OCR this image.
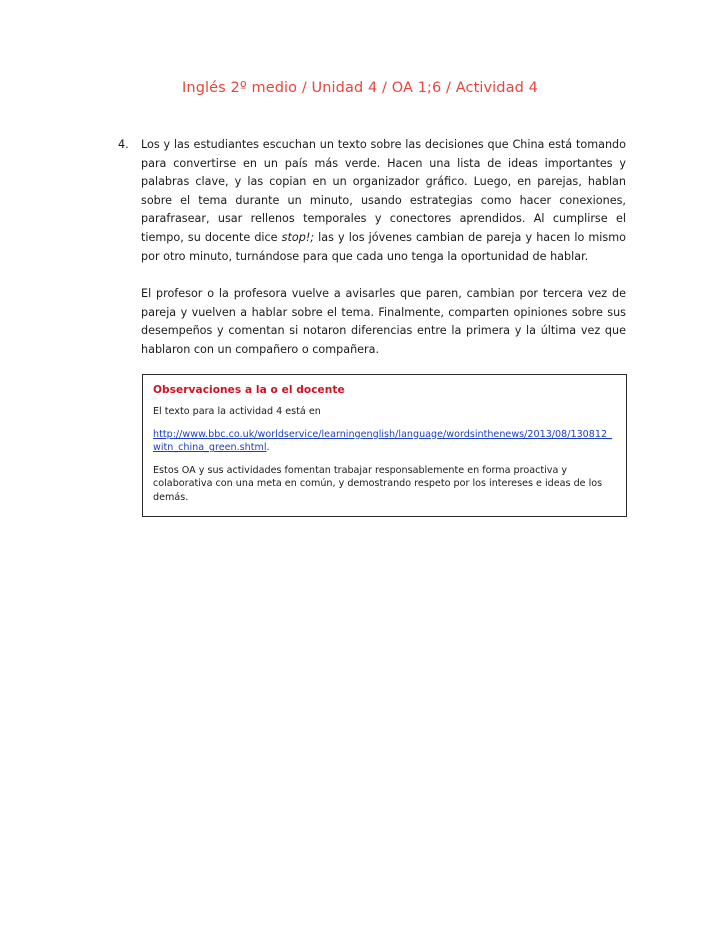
Inglés 2º medio / Unidad 4 / OA 1;6 / Actividad 4
4.	Los y las estudiantes escuchan un texto sobre las decisiones que China está tomando para convertirse en un país más verde. Hacen una lista de ideas importantes y palabras clave, y las copian en un organizador gráfico. Luego, en parejas, hablan sobre el tema durante un minuto, usando estrategias como hacer conexiones, parafrasear, usar rellenos temporales y conectores aprendidos. Al cumplirse el tiempo, su docente dice stop!; las y los jóvenes cambian de pareja y hacen lo mismo por otro minuto, turnándose para que cada uno tenga la oportunidad de hablar.

El profesor o la profesora vuelve a avisarles que paren, cambian por tercera vez de pareja y vuelven a hablar sobre el tema. Finalmente, comparten opiniones sobre sus desempeños y comentan si notaron diferencias entre la primera y la última vez que hablaron con un compañero o compañera.

Observaciones a la o el docente

El texto para la actividad 4 está en

http://www.bbc.co.uk/worldservice/learningenglish/language/wordsinthenews/2013/08/130812_witn_china_green.shtml.

Estos OA y sus actividades fomentan trabajar responsablemente en forma proactiva y colaborativa con una meta en común, y demostrando respeto por los intereses e ideas de los demás.
